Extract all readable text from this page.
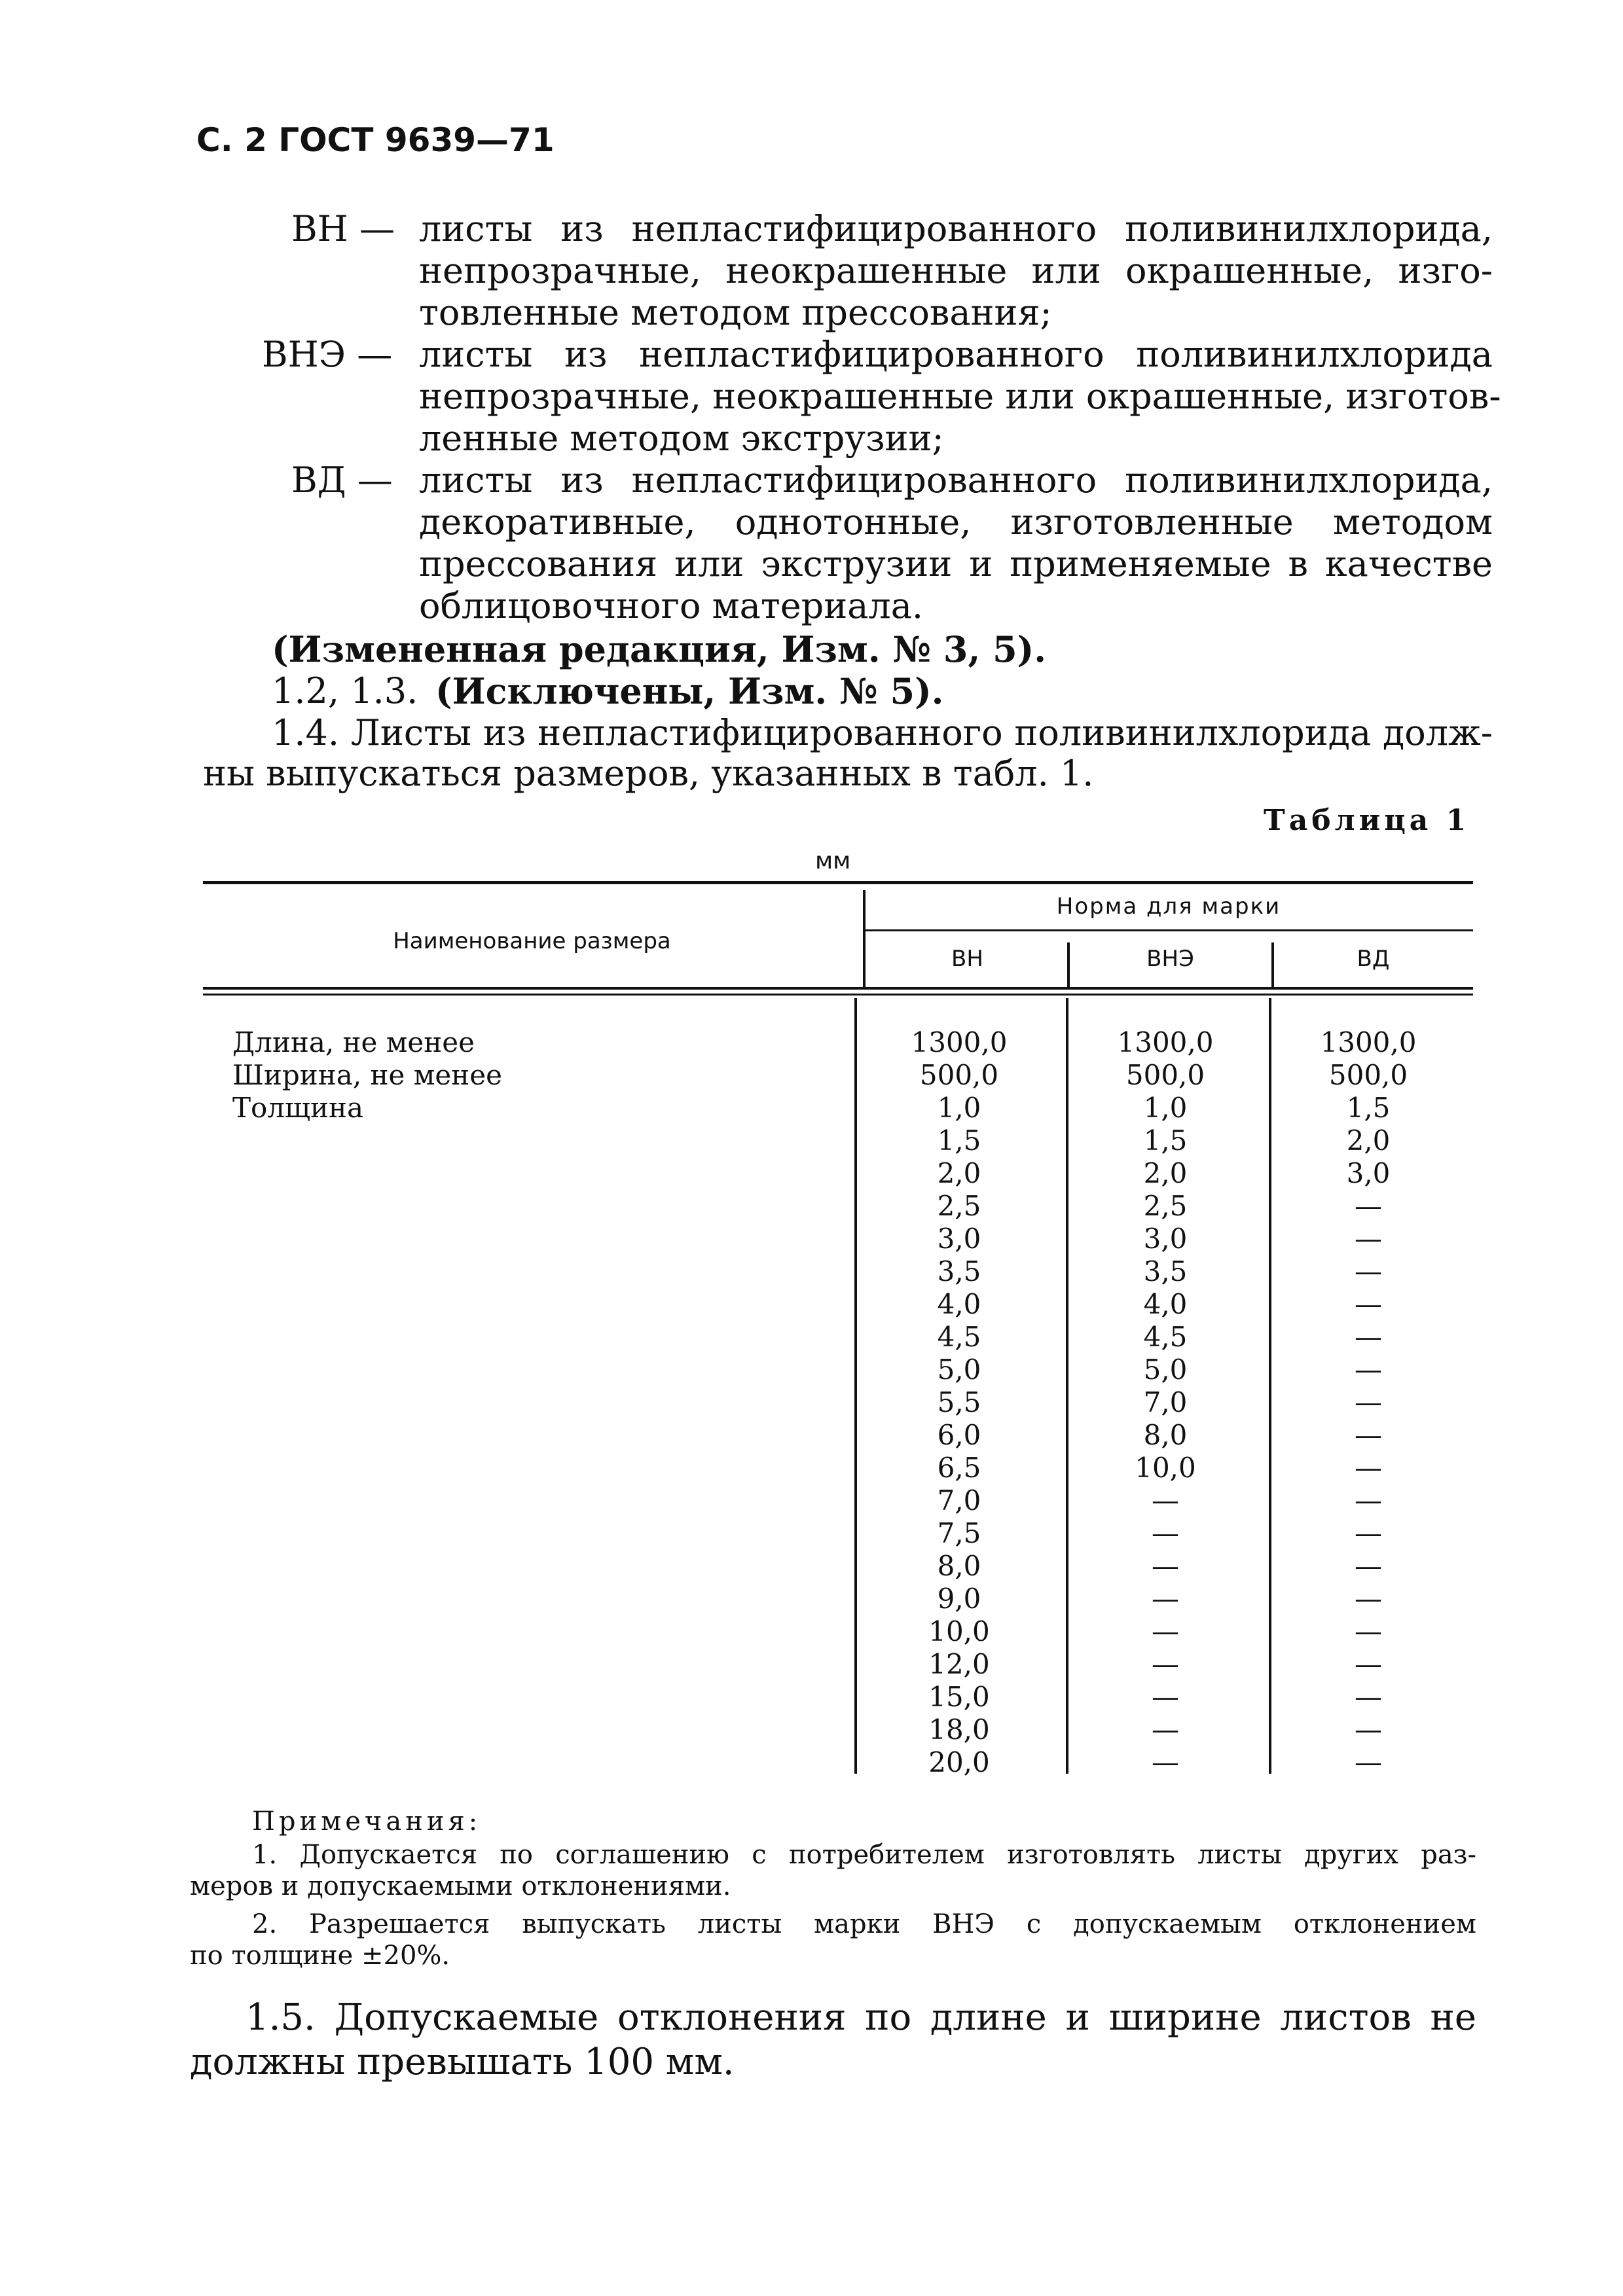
С. 2 ГОСТ 9639—71
ВН — листы из непластифицированного поливинилхлорида,
непрозрачные, неокрашенные или окрашенные, изго-
товленные методом прессования;
ВНЭ — листы из непластифицированного поливинилхлорида
непрозрачные, неокрашенные или окрашенные, изготов-
ленные методом экструзии;
ВД — листы из непластифицированного поливинилхлорида,
декоративные, однотонные, изготовленные методом
прессования или экструзии и применяемые в качестве
облицовочного материала.
(Измененная редакция, Изм. № 3, 5).
1.2, 1.3. (Исключены, Изм. № 5).
1.4. Листы из непластифицированного поливинилхлорида долж-
ны выпускаться размеров, указанных в табл. 1.
Таблица 1
мм
Наименование размера
Норма для марки
ВН	ВНЭ	ВД
Длина, не менее
Ширина, не менее
Толщина
1300,0
500,0
1,0
1,5
2,0
2,5
3,0
3,5
4,0
4,5
5,0
5,5
6,0
6,5
7,0
7,5
8,0
9,0
10,0
12,0
15,0
18,0
20,0
1300,0
500,0
1,0
1,5
2,0
2,5
3,0
3,5
4,0
4,5
5,0
7,0
8,0
10,0
—
—
—
—
—
—
—
—
—
1300,0
500,0
1,5
2,0
3,0
—
—
—
—
—
—
—
—
—
—
—
—
—
—
—
—
—
—
Примечания:
1. Допускается по соглашению с потребителем изготовлять листы других раз-
меров и допускаемыми отклонениями.
2. Разрешается выпускать листы марки ВНЭ с допускаемым отклонением
по толщине ±20%.
1.5. Допускаемые отклонения по длине и ширине листов не
должны превышать 100 мм.
